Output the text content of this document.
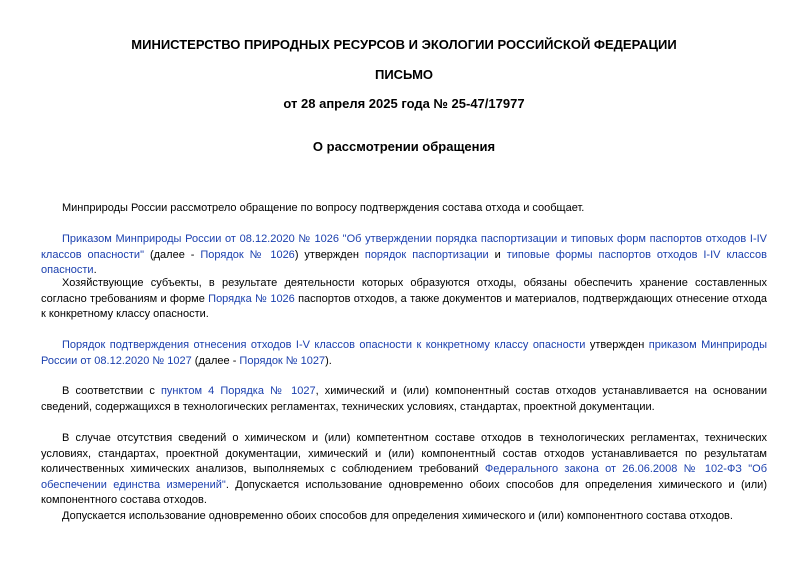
МИНИСТЕРСТВО ПРИРОДНЫХ РЕСУРСОВ И ЭКОЛОГИИ РОССИЙСКОЙ ФЕДЕРАЦИИ

ПИСЬМО

от 28 апреля 2025 года № 25-47/17977

О рассмотрении обращения

Минприроды России рассмотрело обращение по вопросу подтверждения состава отхода и сообщает.

Приказом Минприроды России от 08.12.2020 № 1026 "Об утверждении порядка паспортизации и типовых форм паспортов отходов I-IV классов опасности" (далее - Порядок № 1026) утвержден порядок паспортизации и типовые формы паспортов отходов I-IV классов опасности.

Хозяйствующие субъекты, в результате деятельности которых образуются отходы, обязаны обеспечить хранение составленных согласно требованиям и форме Порядка № 1026 паспортов отходов, а также документов и материалов, подтверждающих отнесение отхода к конкретному классу опасности.

Порядок подтверждения отнесения отходов I-V классов опасности к конкретному классу опасности утвержден приказом Минприроды России от 08.12.2020 № 1027 (далее - Порядок № 1027).

В соответствии с пунктом 4 Порядка № 1027, химический и (или) компонентный состав отходов устанавливается на основании сведений, содержащихся в технологических регламентах, технических условиях, стандартах, проектной документации.

В случае отсутствия сведений о химическом и (или) компетентном составе отходов в технологических регламентах, технических условиях, стандартах, проектной документации, химический и (или) компонентный состав отходов устанавливается по результатам количественных химических анализов, выполняемых с соблюдением требований Федерального закона от 26.06.2008 № 102-ФЗ "Об обеспечении единства измерений". Допускается использование одновременно обоих способов для определения химического и (или) компонентного состава отходов.

Допускается использование одновременно обоих способов для определения химического и (или) компонентного состава отходов.
